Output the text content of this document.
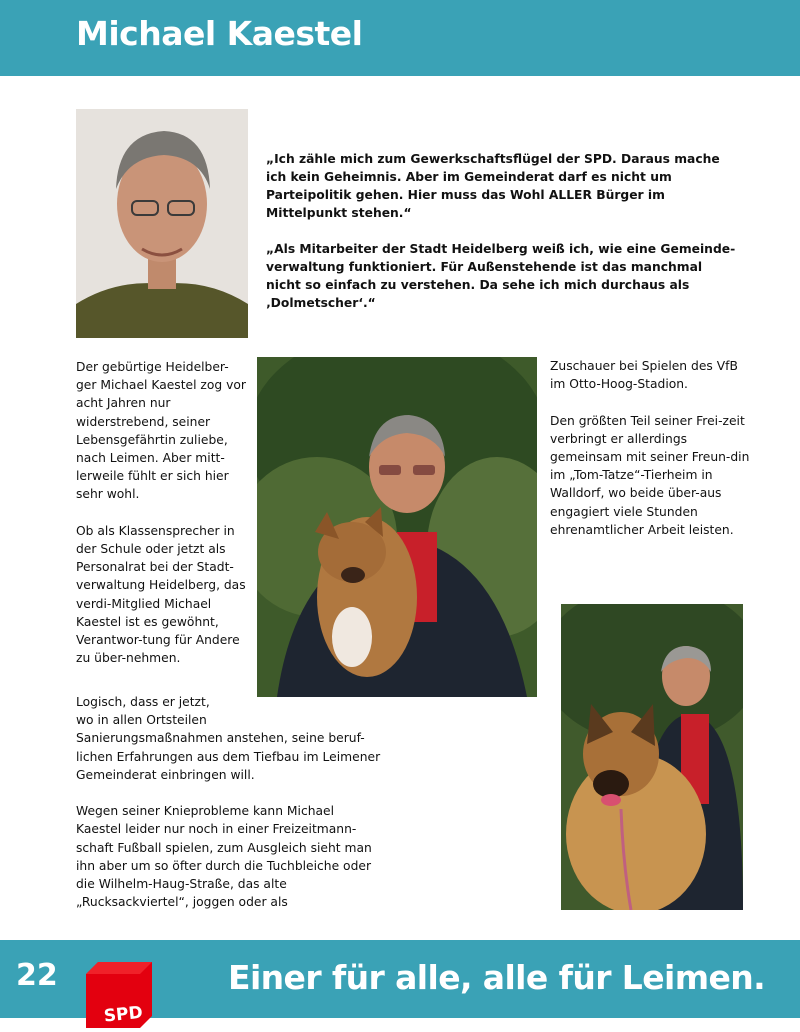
Michael Kaestel

„Ich zähle mich zum Gewerkschaftsflügel der SPD. Daraus mache ich kein Geheimnis. Aber im Gemeinderat darf es nicht um Parteipolitik gehen. Hier muss das Wohl ALLER Bürger im Mittelpunkt stehen.“

„Als Mitarbeiter der Stadt Heidelberg weiß ich, wie eine Gemeinde-verwaltung funktioniert. Für Außenstehende ist das manchmal nicht so einfach zu verstehen. Da sehe ich mich durchaus als ‚Dolmetscher‘.“

Der gebürtige Heidelber-ger Michael Kaestel zog vor acht Jahren nur widerstrebend, seiner Lebensgefährtin zuliebe, nach Leimen. Aber mitt-lerweile fühlt er sich hier sehr wohl.

Ob als Klassensprecher in der Schule oder jetzt als Personalrat bei der Stadt-verwaltung Heidelberg, das verdi-Mitglied Michael Kaestel ist es gewöhnt, Verantwor-tung für Andere zu über-nehmen.

Zuschauer bei Spielen des VfB im Otto-Hoog-Stadion.

Den größten Teil seiner Frei-zeit verbringt er allerdings gemeinsam mit seiner Freun-din im „Tom-Tatze“-Tierheim in Walldorf, wo beide über-aus engagiert viele Stunden ehrenamtlicher Arbeit leisten.

Logisch, dass er jetzt,
wo in allen Ortsteilen
Sanierungsmaßnahmen anstehen, seine beruf-lichen Erfahrungen aus dem Tiefbau im Leimener Gemeinderat einbringen will.

Wegen seiner Knieprobleme kann Michael Kaestel leider nur noch in einer Freizeitmann-schaft Fußball spielen, zum Ausgleich sieht man ihn aber um so öfter durch die Tuchbleiche oder die Wilhelm-Haug-Straße, das alte „Rucksackviertel“, joggen oder als

22
SPD
Einer für alle, alle für Leimen.
